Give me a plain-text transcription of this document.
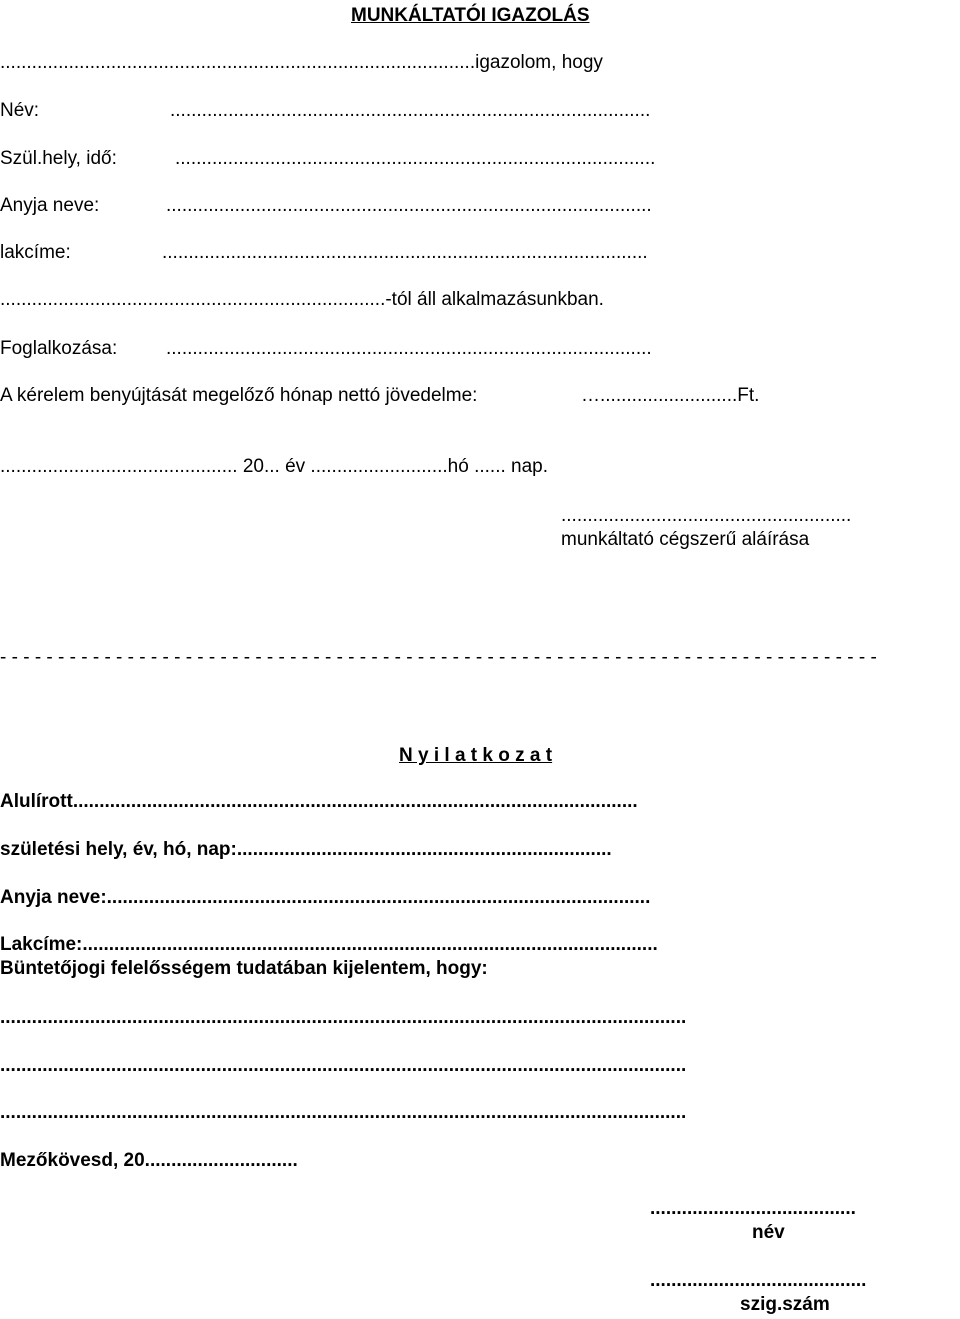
MUNKÁLTATÓI IGAZOLÁS
..........................................................................................igazolom, hogy
Név:	...........................................................................................
Szül.hely, idő:	...........................................................................................
Anyja neve:	............................................................................................
lakcíme:	............................................................................................
.........................................................................-tól áll alkalmazásunkban.
Foglalkozása:	............................................................................................
A kérelem benyújtását megelőző hónap nettó jövedelme:	…..........................Ft.
............................................. 20... év ..........................hó ...... nap.
.......................................................
munkáltató cégszerű aláírása
- - - - - - - - - - - - - - - - - - - - - - - - - - - - - - - - - - - - - - - - - - - - - - - - - - - - - - - - - - - - - - - - - - - - - - - - - - - -
N y i l a t k o z a t
Alulírott...........................................................................................................
születési hely, év, hó, nap:.......................................................................
Anyja neve:.......................................................................................................
Lakcíme:.............................................................................................................
Büntetőjogi felelősségem tudatában kijelentem, hogy:
..................................................................................................................................
..................................................................................................................................
..................................................................................................................................
Mezőkövesd, 20.............................
.......................................
név
.........................................
szig.szám
